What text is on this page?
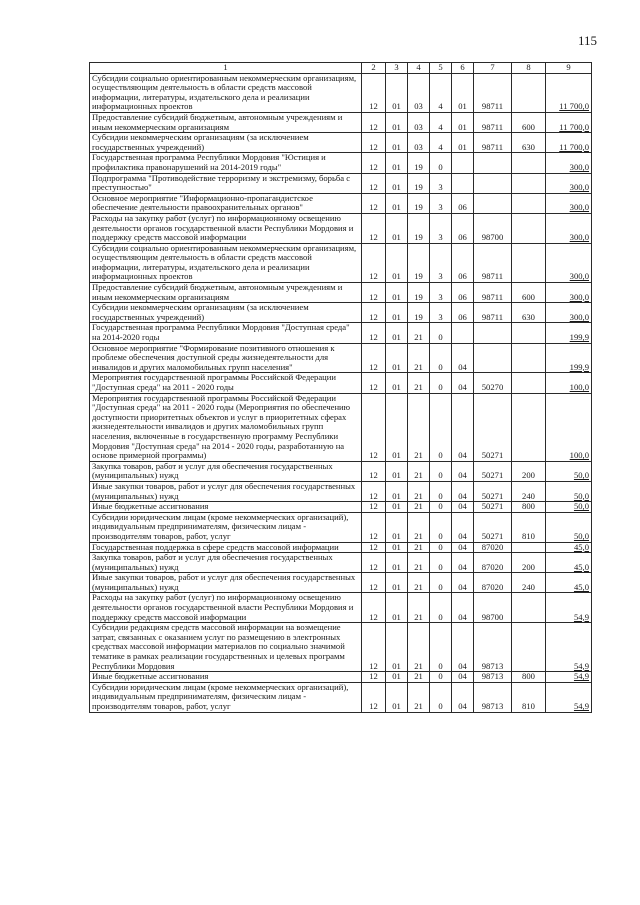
115
1	2	3	4	5	6	7	8	9
Субсидии социально ориентированным некоммерческим организациям, осуществляющим деятельность в области средств массовой информации, литературы, издательского дела и реализации информационных проектов	12	01	03	4	01	98711		11 700,0
Предоставление субсидий бюджетным, автономным учреждениям и иным некоммерческим организациям	12	01	03	4	01	98711	600	11 700,0
Субсидии некоммерческим организациям (за исключением государственных учреждений)	12	01	03	4	01	98711	630	11 700,0
Государственная программа Республики Мордовия "Юстиция и профилактика правонарушений на 2014-2019 годы"	12	01	19	0				300,0
Подпрограмма "Противодействие терроризму и экстремизму, борьба с преступностью"	12	01	19	3				300,0
Основное мероприятие "Информационно-пропагандистское обеспечение деятельности правоохранительных органов"	12	01	19	3	06			300,0
Расходы на закупку работ (услуг) по информационному освещению деятельности органов государственной власти Республики Мордовия и поддержку средств массовой информации	12	01	19	3	06	98700		300,0
Субсидии социально ориентированным некоммерческим организациям, осуществляющим деятельность в области средств массовой информации, литературы, издательского дела и реализации информационных проектов	12	01	19	3	06	98711		300,0
Предоставление субсидий бюджетным, автономным учреждениям и иным некоммерческим организациям	12	01	19	3	06	98711	600	300,0
Субсидии некоммерческим организациям (за исключением государственных учреждений)	12	01	19	3	06	98711	630	300,0
Государственная программа Республики Мордовия "Доступная среда" на 2014-2020 годы	12	01	21	0				199,9
Основное мероприятие "Формирование позитивного отношения к проблеме обеспечения доступной среды жизнедеятельности для инвалидов и других маломобильных групп населения"	12	01	21	0	04			199,9
Мероприятия государственной программы Российской Федерации "Доступная среда" на 2011 - 2020 годы	12	01	21	0	04	50270		100,0
Мероприятия государственной программы Российской Федерации "Доступная среда" на 2011 - 2020 годы (Мероприятия по обеспечению доступности приоритетных объектов и услуг в приоритетных сферах жизнедеятельности инвалидов и других маломобильных групп населения, включенные в государственную программу Республики Мордовия "Доступная среда" на 2014 - 2020 годы, разработанную на основе примерной программы)	12	01	21	0	04	50271		100,0
Закупка товаров, работ и услуг для обеспечения государственных (муниципальных) нужд	12	01	21	0	04	50271	200	50,0
Иные закупки товаров, работ и услуг для обеспечения государственных (муниципальных) нужд	12	01	21	0	04	50271	240	50,0
Иные бюджетные ассигнования	12	01	21	0	04	50271	800	50,0
Субсидии юридическим лицам (кроме некоммерческих организаций), индивидуальным предпринимателям, физическим лицам - производителям товаров, работ, услуг	12	01	21	0	04	50271	810	50,0
Государственная поддержка в сфере средств массовой информации	12	01	21	0	04	87020		45,0
Закупка товаров, работ и услуг для обеспечения государственных (муниципальных) нужд	12	01	21	0	04	87020	200	45,0
Иные закупки товаров, работ и услуг для обеспечения государственных (муниципальных) нужд	12	01	21	0	04	87020	240	45,0
Расходы на закупку работ (услуг) по информационному освещению деятельности органов государственной власти Республики Мордовия и поддержку средств массовой информации	12	01	21	0	04	98700		54,9
Субсидии редакциям средств массовой информации на возмещение затрат, связанных с оказанием услуг по размещению в электронных средствах массовой информации материалов по социально значимой тематике в рамках реализации государственных и целевых программ Республики Мордовия	12	01	21	0	04	98713		54,9
Иные бюджетные ассигнования	12	01	21	0	04	98713	800	54,9
Субсидии юридическим лицам (кроме некоммерческих организаций), индивидуальным предпринимателям, физическим лицам - производителям товаров, работ, услуг	12	01	21	0	04	98713	810	54,9
